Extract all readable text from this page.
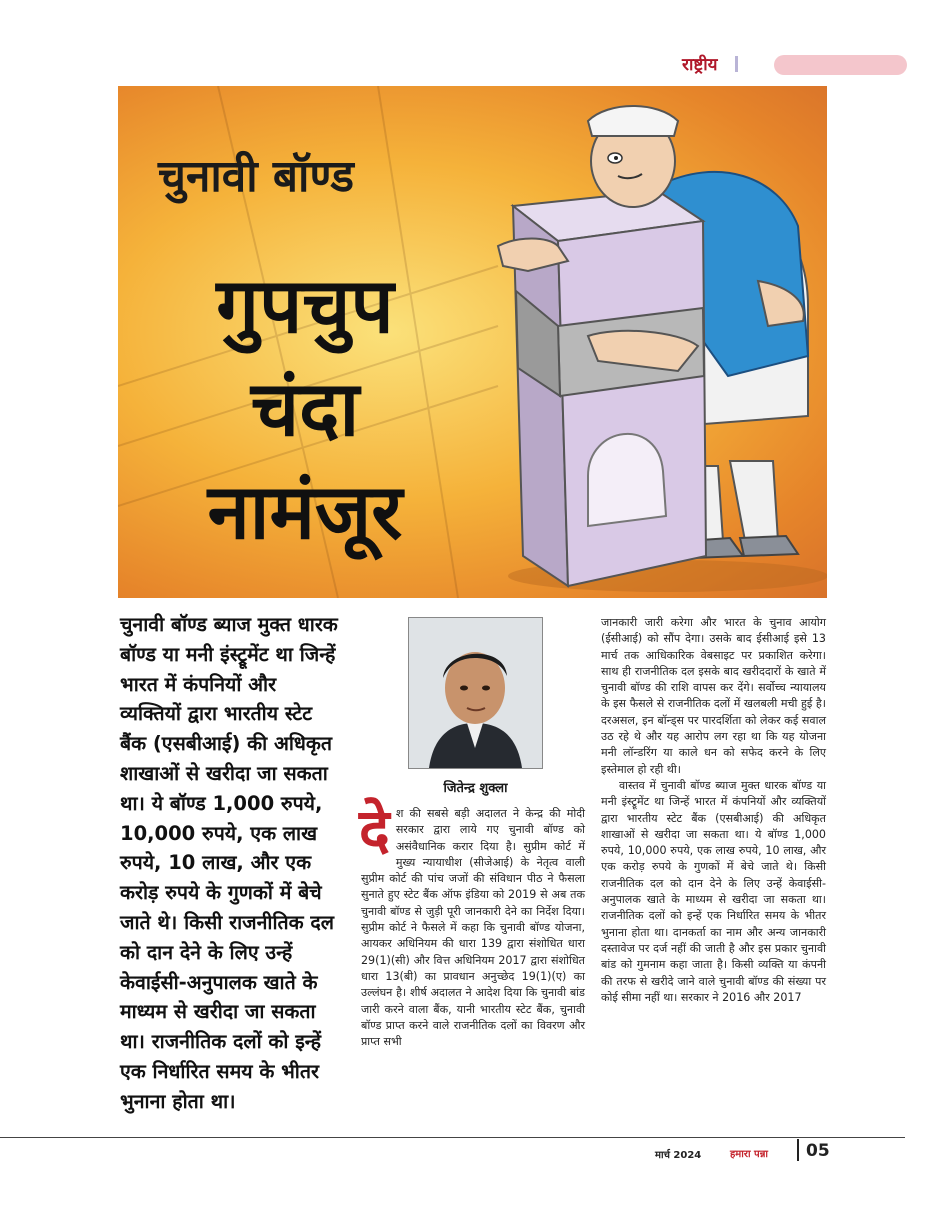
राष्ट्रीय
चुनावी बॉण्ड
गुपचुप
चंदा
नामंजूर
चुनावी बॉण्ड ब्याज मुक्त धारक बॉण्ड या मनी इंस्ट्रूमेंट था जिन्हें भारत में कंपनियों और व्यक्तियों द्वारा भारतीय स्टेट बैंक (एसबीआई) की अधिकृत शाखाओं से खरीदा जा सकता था। ये बॉण्ड 1,000 रुपये, 10,000 रुपये, एक लाख रुपये, 10 लाख, और एक करोड़ रुपये के गुणकों में बेचे जाते थे। किसी राजनीतिक दल को दान देने के लिए उन्हें केवाईसी-अनुपालक खाते के माध्यम से खरीदा जा सकता था। राजनीतिक दलों को इन्हें एक निर्धारित समय के भीतर भुनाना होता था।
जितेन्द्र शुक्ला
देश की सबसे बड़ी अदालत ने केन्द्र की मोदी सरकार द्वारा लाये गए चुनावी बॉण्ड को असंवैधानिक करार दिया है। सुप्रीम कोर्ट में मुख्य न्यायाधीश (सीजेआई) के नेतृत्व वाली सुप्रीम कोर्ट की पांच जजों की संविधान पीठ ने फैसला सुनाते हुए स्टेट बैंक ऑफ इंडिया को 2019 से अब तक चुनावी बॉण्ड से जुड़ी पूरी जानकारी देने का निर्देश दिया। सुप्रीम कोर्ट ने फैसले में कहा कि चुनावी बॉण्ड योजना, आयकर अधिनियम की धारा 139 द्वारा संशोधित धारा 29(1)(सी) और वित्त अधिनियम 2017 द्वारा संशोधित धारा 13(बी) का प्रावधान अनुच्छेद 19(1)(ए) का उल्लंघन है। शीर्ष अदालत ने आदेश दिया कि चुनावी बांड जारी करने वाला बैंक, यानी भारतीय स्टेट बैंक, चुनावी बॉण्ड प्राप्त करने वाले राजनीतिक दलों का विवरण और प्राप्त सभी

जानकारी जारी करेगा और भारत के चुनाव आयोग (ईसीआई) को सौंप देगा। उसके बाद ईसीआई इसे 13 मार्च तक आधिकारिक वेबसाइट पर प्रकाशित करेगा। साथ ही राजनीतिक दल इसके बाद खरीददारों के खाते में चुनावी बॉण्ड की राशि वापस कर देंगे। सर्वोच्च न्यायालय के इस फैसले से राजनीतिक दलों में खलबली मची हुई है। दरअसल, इन बॉन्ड्स पर पारदर्शिता को लेकर कई सवाल उठ रहे थे और यह आरोप लग रहा था कि यह योजना मनी लॉन्डरिंग या काले धन को सफेद करने के लिए इस्तेमाल हो रही थी।

वास्तव में चुनावी बॉण्ड ब्याज मुक्त धारक बॉण्ड या मनी इंस्ट्रूमेंट था जिन्हें भारत में कंपनियों और व्यक्तियों द्वारा भारतीय स्टेट बैंक (एसबीआई) की अधिकृत शाखाओं से खरीदा जा सकता था। ये बॉण्ड 1,000 रुपये, 10,000 रुपये, एक लाख रुपये, 10 लाख, और एक करोड़ रुपये के गुणकों में बेचे जाते थे। किसी राजनीतिक दल को दान देने के लिए उन्हें केवाईसी-अनुपालक खाते के माध्यम से खरीदा जा सकता था। राजनीतिक दलों को इन्हें एक निर्धारित समय के भीतर भुनाना होता था। दानकर्ता का नाम और अन्य जानकारी दस्तावेज पर दर्ज नहीं की जाती है और इस प्रकार चुनावी बांड को गुमनाम कहा जाता है। किसी व्यक्ति या कंपनी की तरफ से खरीदे जाने वाले चुनावी बॉण्ड की संख्या पर कोई सीमा नहीं था। सरकार ने 2016 और 2017

मार्च 2024	हमारा पन्ना 05
